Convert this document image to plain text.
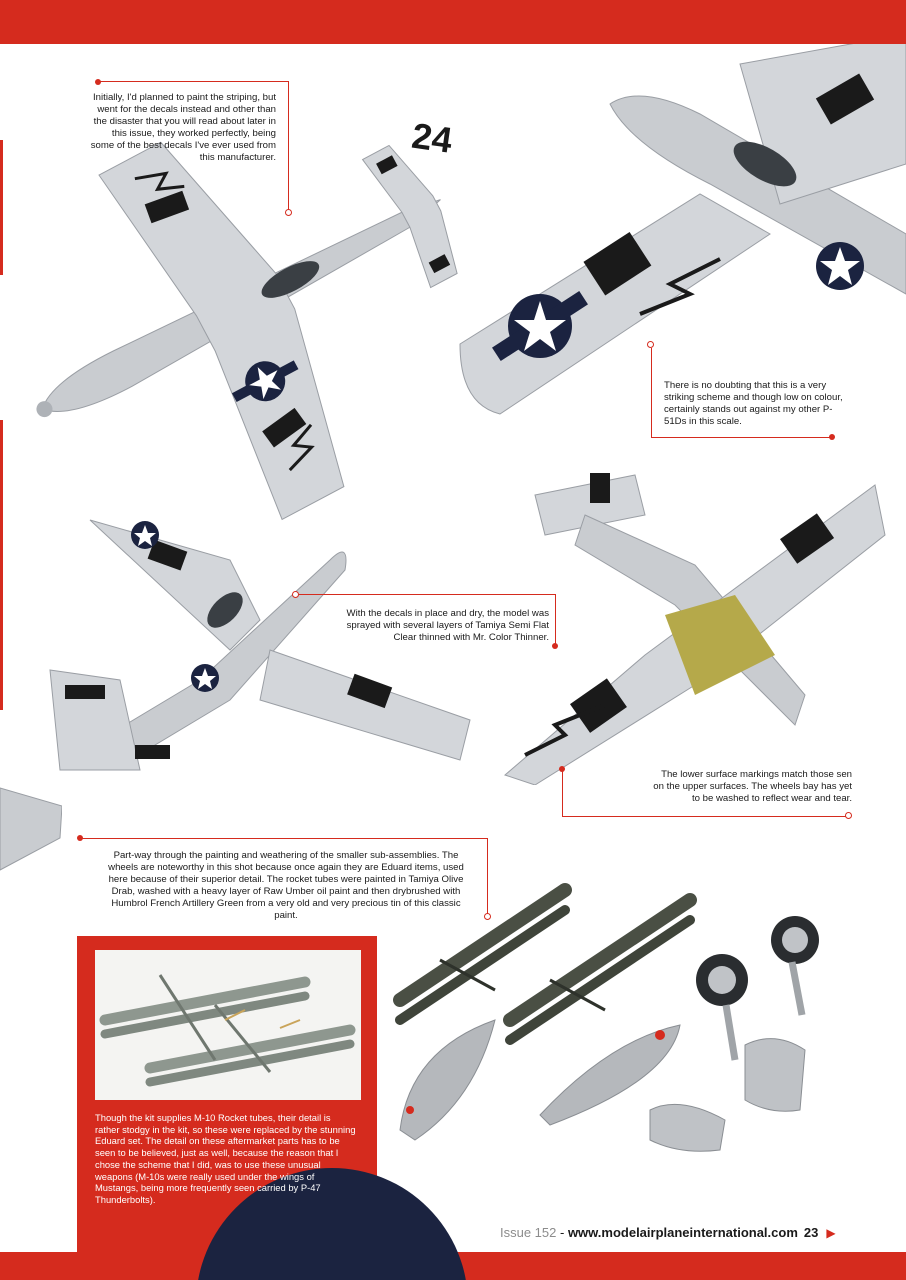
24
Initially, I'd planned to paint the striping, but went for the decals instead and other than the disaster that you will read about later in this issue, they worked perfectly, being some of the best decals I've ever used from this manufacturer.
There is no doubting that this is a very striking scheme and though low on colour, certainly stands out against my other P-51Ds in this scale.
With the decals in place and dry, the model was sprayed with several layers of Tamiya Semi Flat Clear thinned with Mr. Color Thinner.
The lower surface markings match those sen on the upper surfaces. The wheels bay has yet to be washed to reflect wear and tear.
Part-way through the painting and weathering of the smaller sub-assemblies. The wheels are noteworthy in this shot because once again they are Eduard items, used here because of their superior detail. The rocket tubes were painted in Tamiya Olive Drab, washed with a heavy layer of Raw Umber oil paint and then drybrushed with Humbrol French Artillery Green from a very old and very precious tin of this classic paint.
Though the kit supplies M-10 Rocket tubes, their detail is rather stodgy in the kit, so these were replaced by the stunning Eduard set. The detail on these aftermarket parts has to be seen to be believed, just as well, because the reason that I chose the scheme that I did, was to use these unusual weapons (M-10s were really used under the wings of Mustangs, being more frequently seen carried by P-47 Thunderbolts).
Issue 152 - www.modelairplaneinternational.com 23 ▶
